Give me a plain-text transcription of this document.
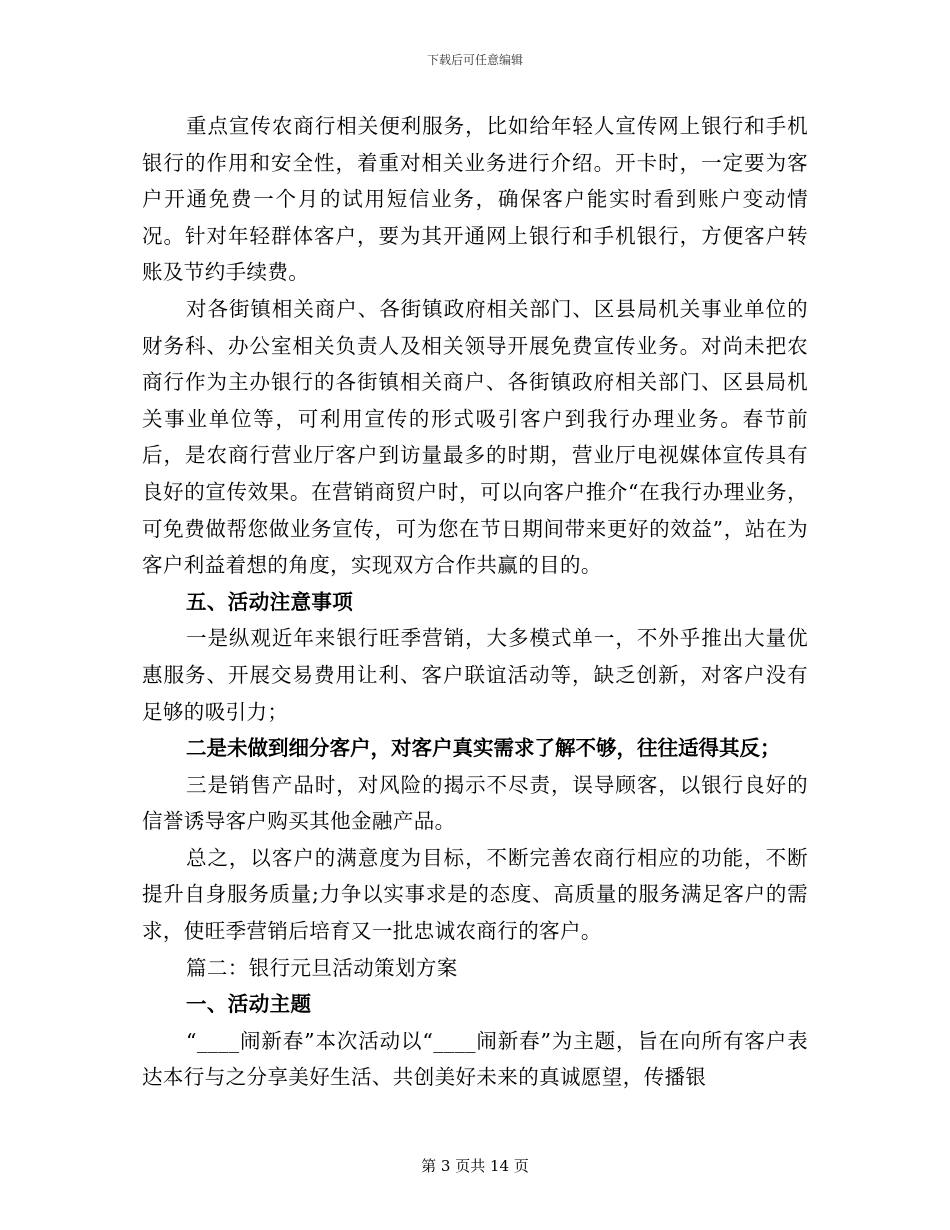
下载后可任意编辑

重点宣传农商行相关便利服务，比如给年轻人宣传网上银行和手机银行的作用和安全性，着重对相关业务进行介绍。开卡时，一定要为客户开通免费一个月的试用短信业务，确保客户能实时看到账户变动情况。针对年轻群体客户，要为其开通网上银行和手机银行，方便客户转账及节约手续费。

对各街镇相关商户、各街镇政府相关部门、区县局机关事业单位的财务科、办公室相关负责人及相关领导开展免费宣传业务。对尚未把农商行作为主办银行的各街镇相关商户、各街镇政府相关部门、区县局机关事业单位等，可利用宣传的形式吸引客户到我行办理业务。春节前后，是农商行营业厅客户到访量最多的时期，营业厅电视媒体宣传具有良好的宣传效果。在营销商贸户时，可以向客户推介“在我行办理业务，可免费做帮您做业务宣传，可为您在节日期间带来更好的效益”，站在为客户利益着想的角度，实现双方合作共赢的目的。

五、活动注意事项

一是纵观近年来银行旺季营销，大多模式单一，不外乎推出大量优惠服务、开展交易费用让利、客户联谊活动等，缺乏创新，对客户没有足够的吸引力；

二是未做到细分客户，对客户真实需求了解不够，往往适得其反；

三是销售产品时，对风险的揭示不尽责，误导顾客，以银行良好的信誉诱导客户购买其他金融产品。

总之，以客户的满意度为目标，不断完善农商行相应的功能，不断提升自身服务质量;力争以实事求是的态度、高质量的服务满足客户的需求，使旺季营销后培育又一批忠诚农商行的客户。

篇二：银行元旦活动策划方案

一、活动主题

“____闹新春”本次活动以“____闹新春”为主题，旨在向所有客户表达本行与之分享美好生活、共创美好未来的真诚愿望，传播银

第 3 页共 14 页
